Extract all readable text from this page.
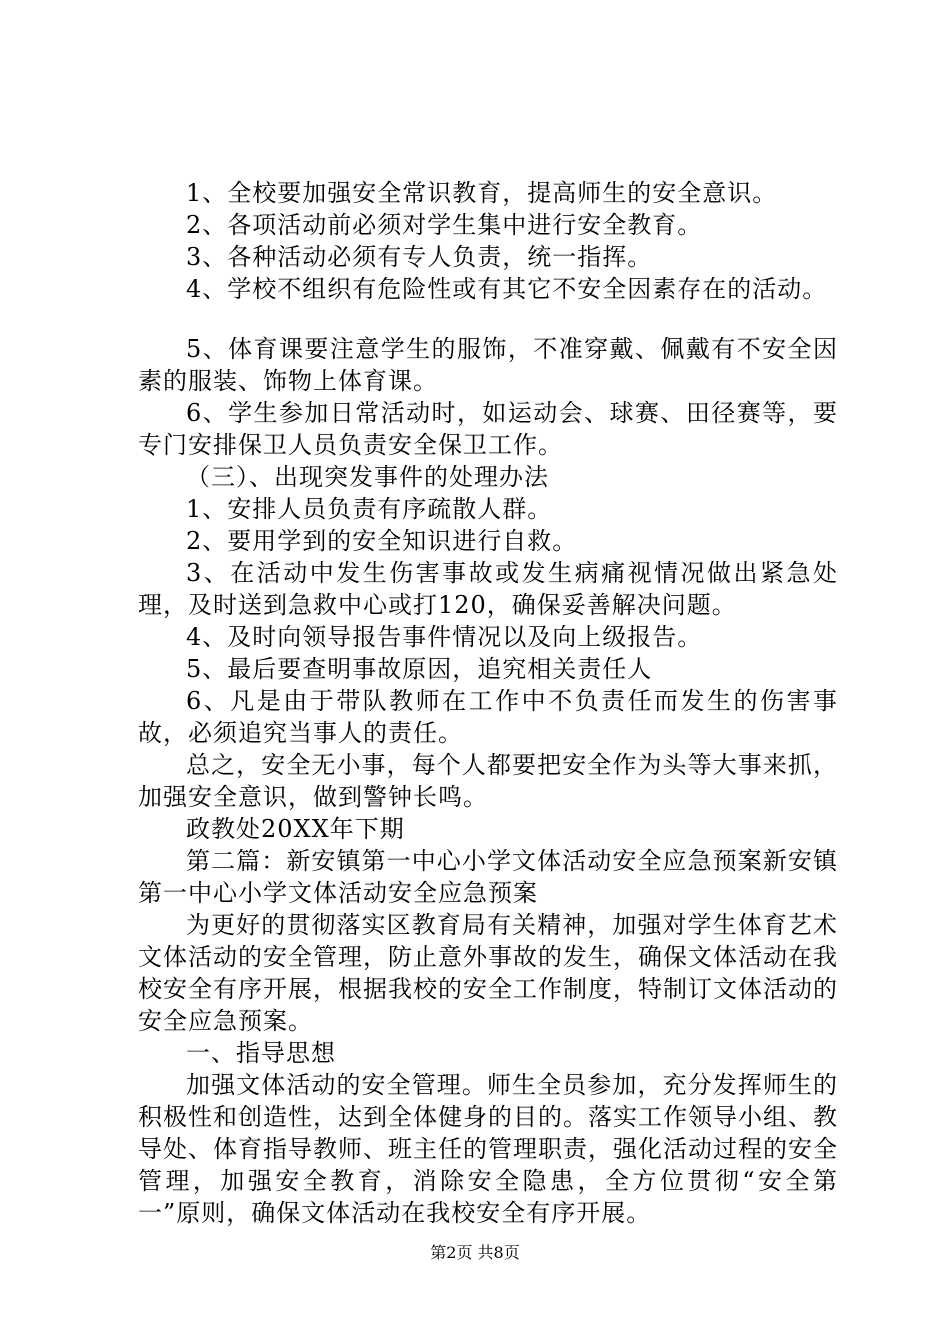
1、全校要加强安全常识教育，提高师生的安全意识。

2、各项活动前必须对学生集中进行安全教育。

3、各种活动必须有专人负责，统一指挥。

4、学校不组织有危险性或有其它不安全因素存在的活动。

5、体育课要注意学生的服饰，不准穿戴、佩戴有不安全因素的服装、饰物上体育课。

6、学生参加日常活动时，如运动会、球赛、田径赛等，要专门安排保卫人员负责安全保卫工作。

（三）、出现突发事件的处理办法

1、安排人员负责有序疏散人群。

2、要用学到的安全知识进行自救。

3、在活动中发生伤害事故或发生病痛视情况做出紧急处理，及时送到急救中心或打120，确保妥善解决问题。

4、及时向领导报告事件情况以及向上级报告。

5、最后要查明事故原因，追究相关责任人

6、凡是由于带队教师在工作中不负责任而发生的伤害事故，必须追究当事人的责任。

总之，安全无小事，每个人都要把安全作为头等大事来抓，加强安全意识，做到警钟长鸣。

政教处20XX年下期

第二篇：新安镇第一中心小学文体活动安全应急预案新安镇第一中心小学文体活动安全应急预案

为更好的贯彻落实区教育局有关精神，加强对学生体育艺术文体活动的安全管理，防止意外事故的发生，确保文体活动在我校安全有序开展，根据我校的安全工作制度，特制订文体活动的安全应急预案。

一、指导思想

加强文体活动的安全管理。师生全员参加，充分发挥师生的积极性和创造性，达到全体健身的目的。落实工作领导小组、教导处、体育指导教师、班主任的管理职责，强化活动过程的安全管理，加强安全教育，消除安全隐患，全方位贯彻“安全第一”原则，确保文体活动在我校安全有序开展。

第2页 共8页
